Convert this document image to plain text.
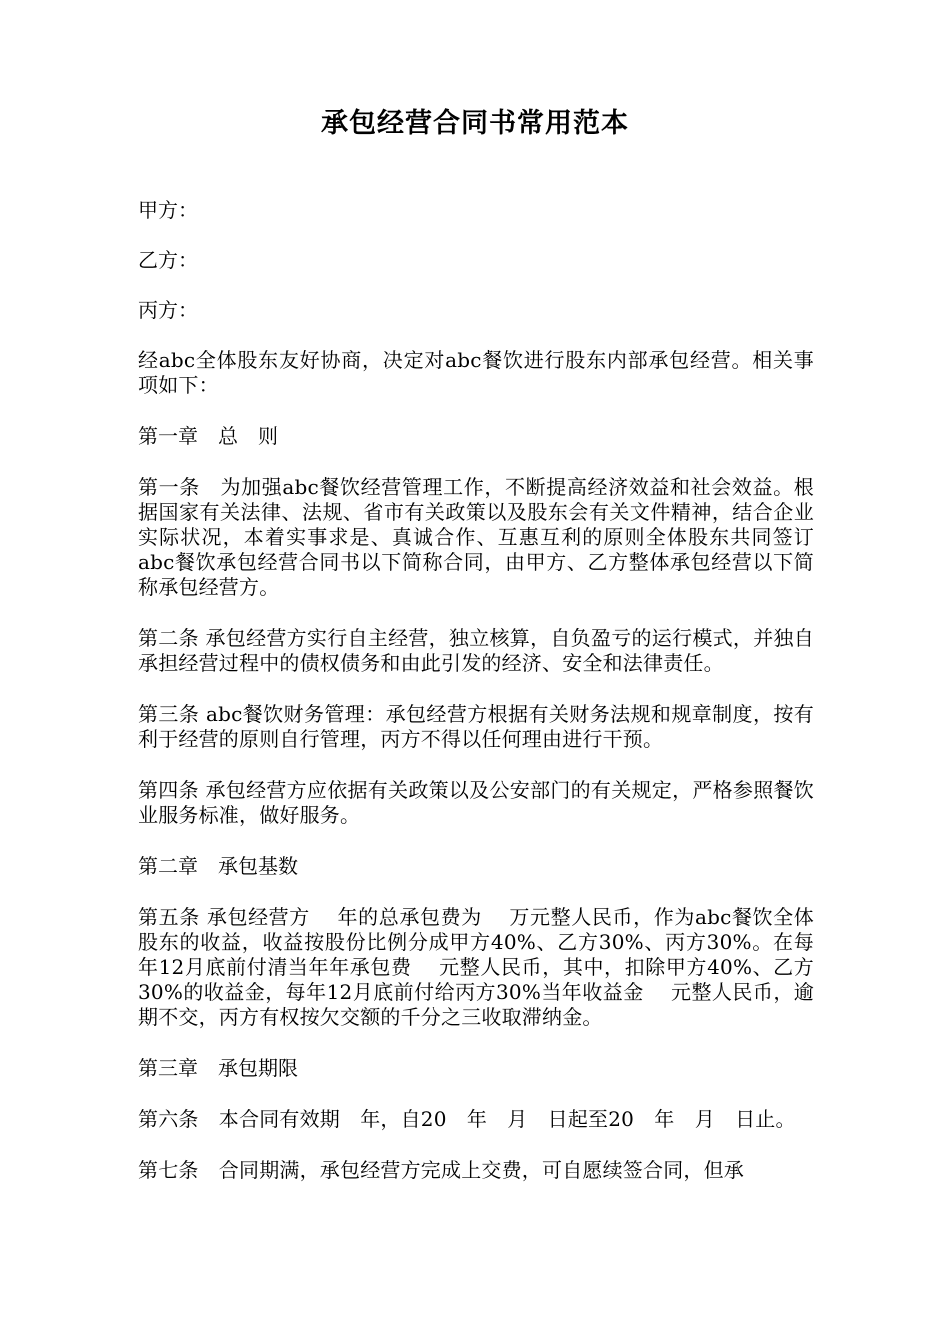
承包经营合同书常用范本

甲方：

乙方：

丙方：

经abc全体股东友好协商，决定对abc餐饮进行股东内部承包经营。相关事项如下：

第一章　总　则

第一条　为加强abc餐饮经营管理工作，不断提高经济效益和社会效益。根据国家有关法律、法规、省市有关政策以及股东会有关文件精神，结合企业实际状况，本着实事求是、真诚合作、互惠互利的原则全体股东共同签订abc餐饮承包经营合同书以下简称合同，由甲方、乙方整体承包经营以下简称承包经营方。

第二条 承包经营方实行自主经营，独立核算，自负盈亏的运行模式，并独自承担经营过程中的债权债务和由此引发的经济、安全和法律责任。

第三条 abc餐饮财务管理：承包经营方根据有关财务法规和规章制度，按有利于经营的原则自行管理，丙方不得以任何理由进行干预。

第四条 承包经营方应依据有关政策以及公安部门的有关规定，严格参照餐饮业服务标准，做好服务。

第二章　承包基数

第五条 承包经营方　 年的总承包费为　 万元整人民币，作为abc餐饮全体股东的收益，收益按股份比例分成甲方40%、乙方30%、丙方30%。在每年12月底前付清当年年承包费　 元整人民币，其中，扣除甲方40%、乙方30%的收益金，每年12月底前付给丙方30%当年收益金　 元整人民币，逾期不交，丙方有权按欠交额的千分之三收取滞纳金。

第三章　承包期限

第六条　本合同有效期　年，自20　年　月　日起至20　年　月　日止。

第七条　合同期满，承包经营方完成上交费，可自愿续签合同，但承
